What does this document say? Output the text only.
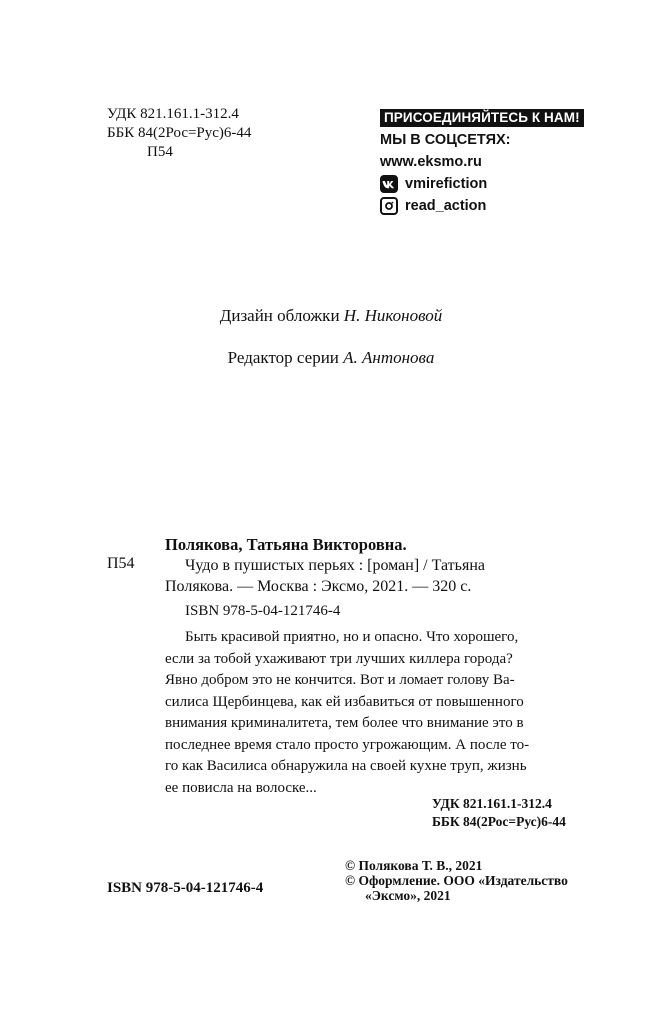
УДК 821.161.1-312.4
ББК 84(2Рос=Рус)6-44
П54
ПРИСОЕДИНЯЙТЕСЬ К НАМ!
МЫ В СОЦСЕТЯХ:
www.eksmo.ru
vmirefiction
read_action
Дизайн обложки Н. Никоновой
Редактор серии А. Антонова
П54
Полякова, Татьяна Викторовна.
Чудо в пушистых перьях : [роман] / Татьяна
Полякова. — Москва : Эксмо, 2021. — 320 с.
ISBN 978-5-04-121746-4
Быть красивой приятно, но и опасно. Что хорошего,
если за тобой ухаживают три лучших киллера города?
Явно добром это не кончится. Вот и ломает голову Ва-
силиса Щербинцева, как ей избавиться от повышенного
внимания криминалитета, тем более что внимание это в
последнее время стало просто угрожающим. А после то-
го как Василиса обнаружила на своей кухне труп, жизнь
ее повисла на волоске...
УДК 821.161.1-312.4
ББК 84(2Рос=Рус)6-44
© Полякова Т. В., 2021
© Оформление. ООО «Издательство
«Эксмо», 2021
ISBN 978-5-04-121746-4
